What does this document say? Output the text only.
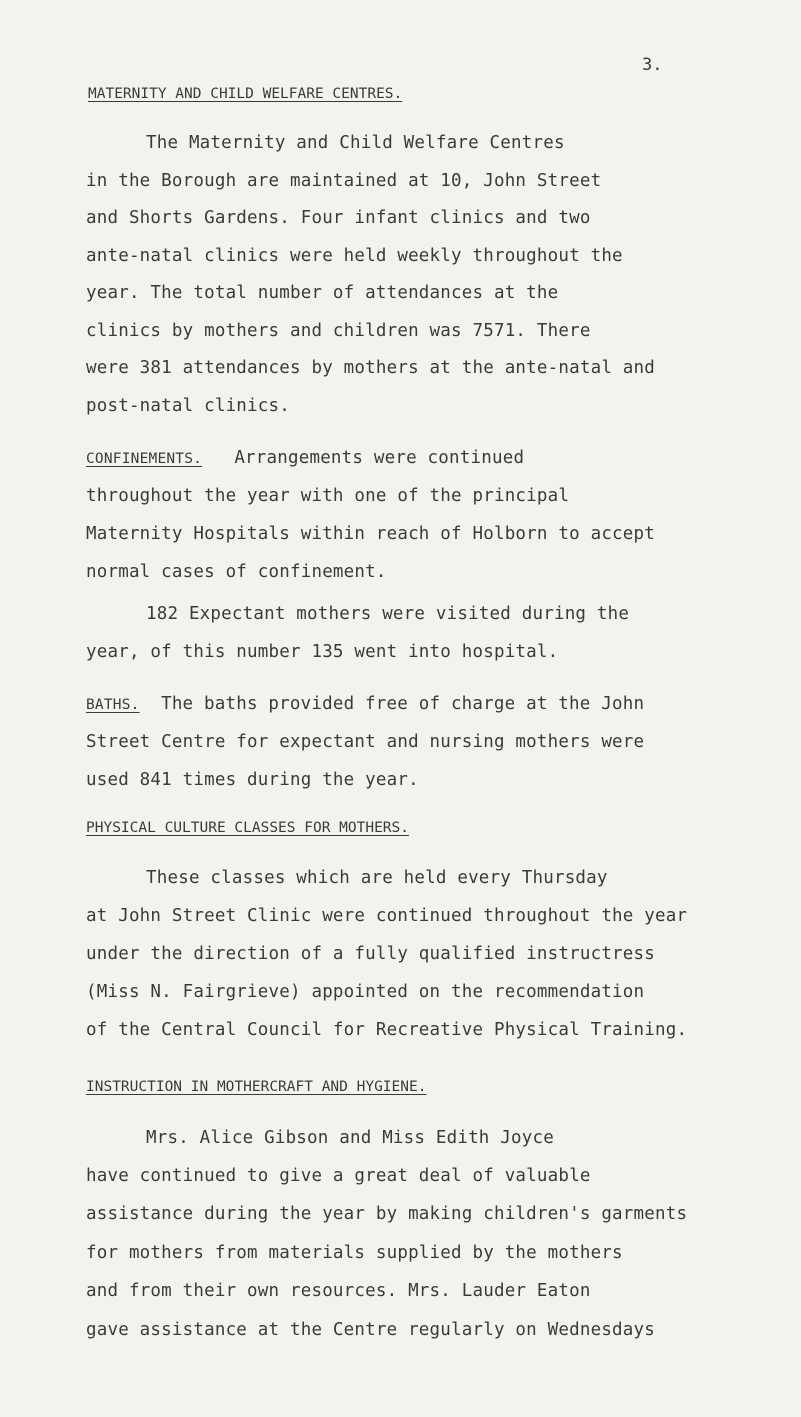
3.
MATERNITY AND CHILD WELFARE CENTRES.
The Maternity and Child Welfare Centres
in the Borough are maintained at 10, John Street
and Shorts Gardens. Four infant clinics and two
ante-natal clinics were held weekly throughout the
year. The total number of attendances at the
clinics by mothers and children was 7571. There
were 381 attendances by mothers at the ante-natal and
post-natal clinics.
CONFINEMENTS. Arrangements were continued
throughout the year with one of the principal
Maternity Hospitals within reach of Holborn to accept
normal cases of confinement.
182 Expectant mothers were visited during the
year, of this number 135 went into hospital.
BATHS. The baths provided free of charge at the John
Street Centre for expectant and nursing mothers were
used 841 times during the year.
PHYSICAL CULTURE CLASSES FOR MOTHERS.
These classes which are held every Thursday
at John Street Clinic were continued throughout the year
under the direction of a fully qualified instructress
(Miss N. Fairgrieve) appointed on the recommendation
of the Central Council for Recreative Physical Training.
INSTRUCTION IN MOTHERCRAFT AND HYGIENE.
Mrs. Alice Gibson and Miss Edith Joyce
have continued to give a great deal of valuable
assistance during the year by making children's garments
for mothers from materials supplied by the mothers
and from their own resources. Mrs. Lauder Eaton
gave assistance at the Centre regularly on Wednesdays
